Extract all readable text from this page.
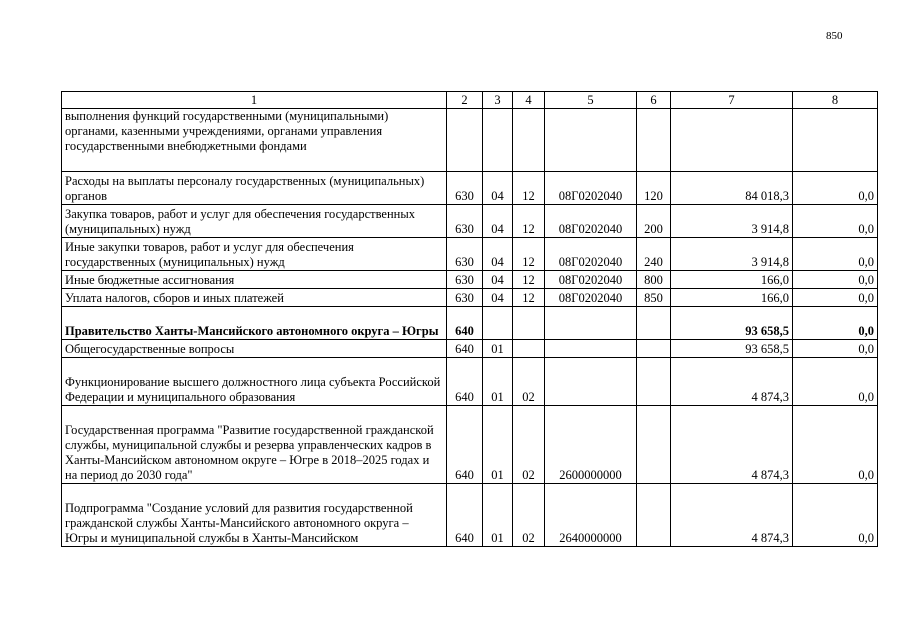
850
1	2	3	4	5	6	7	8
выполнения функций государственными (муниципальными) органами, казенными учреждениями, органами управления государственными внебюджетными фондами							
Расходы на выплаты персоналу государственных (муниципальных) органов	630	04	12	08Г0202040	120	84 018,3	0,0
Закупка товаров, работ и услуг для обеспечения государственных (муниципальных) нужд	630	04	12	08Г0202040	200	3 914,8	0,0
Иные закупки товаров, работ и услуг для обеспечения государственных (муниципальных) нужд	630	04	12	08Г0202040	240	3 914,8	0,0
Иные бюджетные ассигнования	630	04	12	08Г0202040	800	166,0	0,0
Уплата налогов, сборов и иных платежей	630	04	12	08Г0202040	850	166,0	0,0
Правительство Ханты-Мансийского автономного округа – Югры	640					93 658,5	0,0
Общегосударственные вопросы	640	01				93 658,5	0,0
Функционирование высшего должностного лица субъекта Российской Федерации и муниципального образования	640	01	02			4 874,3	0,0
Государственная программа "Развитие государственной гражданской службы, муниципальной службы и резерва управленческих кадров в Ханты-Мансийском автономном округе – Югре в 2018–2025 годах и на период до 2030 года"	640	01	02	2600000000		4 874,3	0,0
Подпрограмма "Создание условий для развития государственной гражданской службы Ханты-Мансийского автономного округа – Югры и муниципальной службы в Ханты-Мансийском	640	01	02	2640000000		4 874,3	0,0
